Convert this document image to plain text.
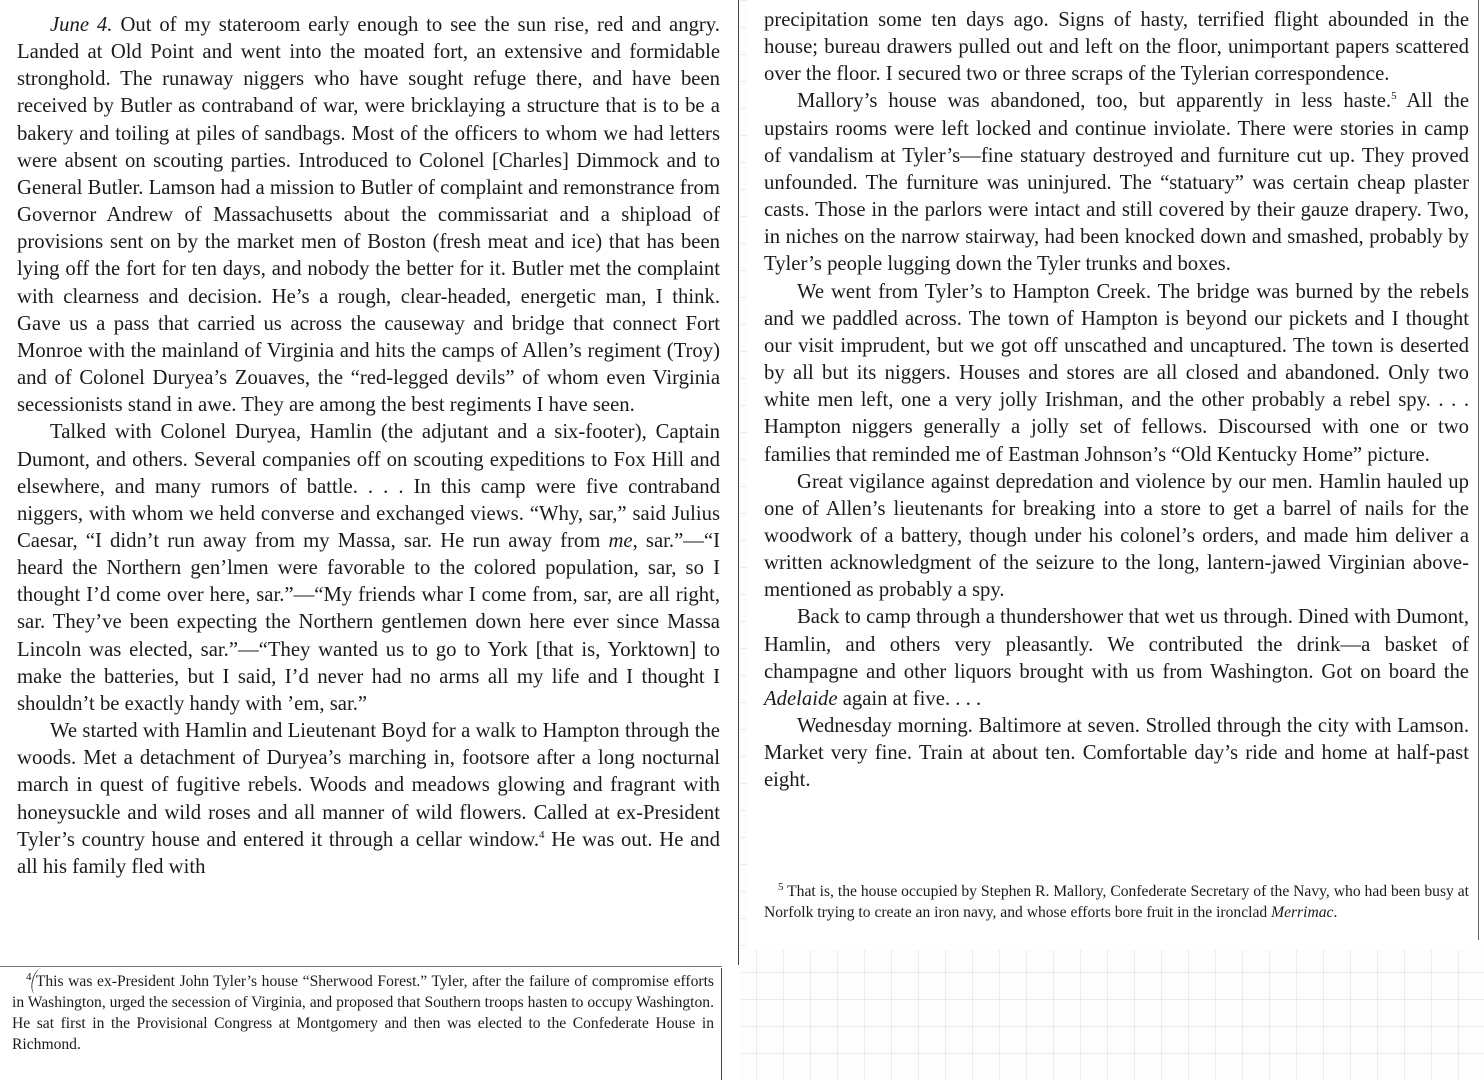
June 4. Out of my stateroom early enough to see the sun rise, red and angry. Landed at Old Point and went into the moated fort, an extensive and formidable stronghold. The runaway niggers who have sought refuge there, and have been received by Butler as contraband of war, were bricklaying a structure that is to be a bakery and toiling at piles of sandbags. Most of the officers to whom we had letters were absent on scouting parties. Introduced to Colonel [Charles] Dimmock and to General Butler. Lamson had a mission to Butler of complaint and remonstrance from Governor Andrew of Massachusetts about the commissariat and a shipload of provisions sent on by the market men of Boston (fresh meat and ice) that has been lying off the fort for ten days, and nobody the better for it. Butler met the complaint with clearness and decision. He’s a rough, clear-headed, energetic man, I think. Gave us a pass that carried us across the causeway and bridge that connect Fort Monroe with the mainland of Virginia and hits the camps of Allen’s regiment (Troy) and of Colonel Duryea’s Zouaves, the “red-legged devils” of whom even Virginia secessionists stand in awe. They are among the best regiments I have seen.

Talked with Colonel Duryea, Hamlin (the adjutant and a six-footer), Captain Dumont, and others. Several companies off on scouting expeditions to Fox Hill and elsewhere, and many rumors of battle. . . . In this camp were five contraband niggers, with whom we held converse and exchanged views. “Why, sar,” said Julius Caesar, “I didn’t run away from my Massa, sar. He run away from me, sar.”—“I heard the Northern gen’lmen were favorable to the colored population, sar, so I thought I’d come over here, sar.”—“My friends whar I come from, sar, are all right, sar. They’ve been expecting the Northern gentlemen down here ever since Massa Lincoln was elected, sar.”—“They wanted us to go to York [that is, Yorktown] to make the batteries, but I said, I’d never had no arms all my life and I thought I shouldn’t be exactly handy with ’em, sar.”

We started with Hamlin and Lieutenant Boyd for a walk to Hampton through the woods. Met a detachment of Duryea’s marching in, footsore after a long nocturnal march in quest of fugitive rebels. Woods and meadows glowing and fragrant with honeysuckle and wild roses and all manner of wild flowers. Called at ex-President Tyler’s country house and entered it through a cellar window.$^4$ He was out. He and all his family fled with

$^4$ This was ex-President John Tyler’s house “Sherwood Forest.” Tyler, after the failure of compromise efforts in Washington, urged the secession of Virginia, and proposed that Southern troops hasten to occupy Washington. He sat first in the Provisional Congress at Montgomery and then was elected to the Confederate House in Richmond.

precipitation some ten days ago. Signs of hasty, terrified flight abounded in the house; bureau drawers pulled out and left on the floor, unimportant papers scattered over the floor. I secured two or three scraps of the Tylerian correspondence.

Mallory’s house was abandoned, too, but apparently in less haste.$^5$ All the upstairs rooms were left locked and continue inviolate. There were stories in camp of vandalism at Tyler’s—fine statuary destroyed and furniture cut up. They proved unfounded. The furniture was uninjured. The “statuary” was certain cheap plaster casts. Those in the parlors were intact and still covered by their gauze drapery. Two, in niches on the narrow stairway, had been knocked down and smashed, probably by Tyler’s people lugging down the Tyler trunks and boxes.

We went from Tyler’s to Hampton Creek. The bridge was burned by the rebels and we paddled across. The town of Hampton is beyond our pickets and I thought our visit imprudent, but we got off unscathed and uncaptured. The town is deserted by all but its niggers. Houses and stores are all closed and abandoned. Only two white men left, one a very jolly Irishman, and the other probably a rebel spy. . . . Hampton niggers generally a jolly set of fellows. Discoursed with one or two families that reminded me of Eastman Johnson’s “Old Kentucky Home” picture.

Great vigilance against depredation and violence by our men. Hamlin hauled up one of Allen’s lieutenants for breaking into a store to get a barrel of nails for the woodwork of a battery, though under his colonel’s orders, and made him deliver a written acknowledgment of the seizure to the long, lantern-jawed Virginian above-mentioned as probably a spy.

Back to camp through a thundershower that wet us through. Dined with Dumont, Hamlin, and others very pleasantly. We contributed the drink—a basket of champagne and other liquors brought with us from Washington. Got on board the Adelaide again at five. . . .

Wednesday morning. Baltimore at seven. Strolled through the city with Lamson. Market very fine. Train at about ten. Comfortable day’s ride and home at half-past eight.

$^5$ That is, the house occupied by Stephen R. Mallory, Confederate Secretary of the Navy, who had been busy at Norfolk trying to create an iron navy, and whose efforts bore fruit in the ironclad Merrimac.
